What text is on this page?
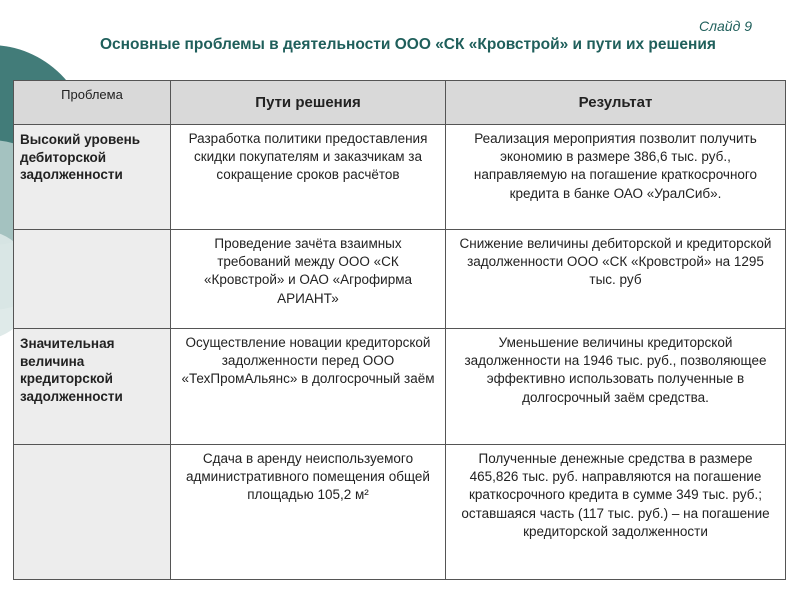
Слайд 9
Основные проблемы в деятельности ООО «СК «Кровстрой» и пути их решения
Проблема	Пути решения	Результат
Высокий уровень дебиторской задолженности	Разработка политики предоставления скидки покупателям и заказчикам за сокращение сроков расчётов	Реализация мероприятия позволит получить экономию в размере 386,6 тыс. руб., направляемую на погашение краткосрочного кредита в банке ОАО «УралСиб».
	Проведение зачёта взаимных требований между ООО «СК «Кровстрой» и ОАО «Агрофирма АРИАНТ»	Снижение величины дебиторской и кредиторской задолженности ООО «СК «Кровстрой» на 1295 тыс. руб
Значительная величина кредиторской задолженности	Осуществление новации кредиторской задолженности перед ООО «ТехПромАльянс» в долгосрочный заём	Уменьшение величины кредиторской задолженности на 1946 тыс. руб., позволяющее эффективно использовать полученные в долгосрочный заём средства.
	Сдача в аренду неиспользуемого административного помещения общей площадью 105,2 м²	Полученные денежные средства в размере 465,826 тыс. руб. направляются на погашение краткосрочного кредита в сумме 349 тыс. руб.; оставшаяся часть (117 тыс. руб.) – на погашение кредиторской задолженности
